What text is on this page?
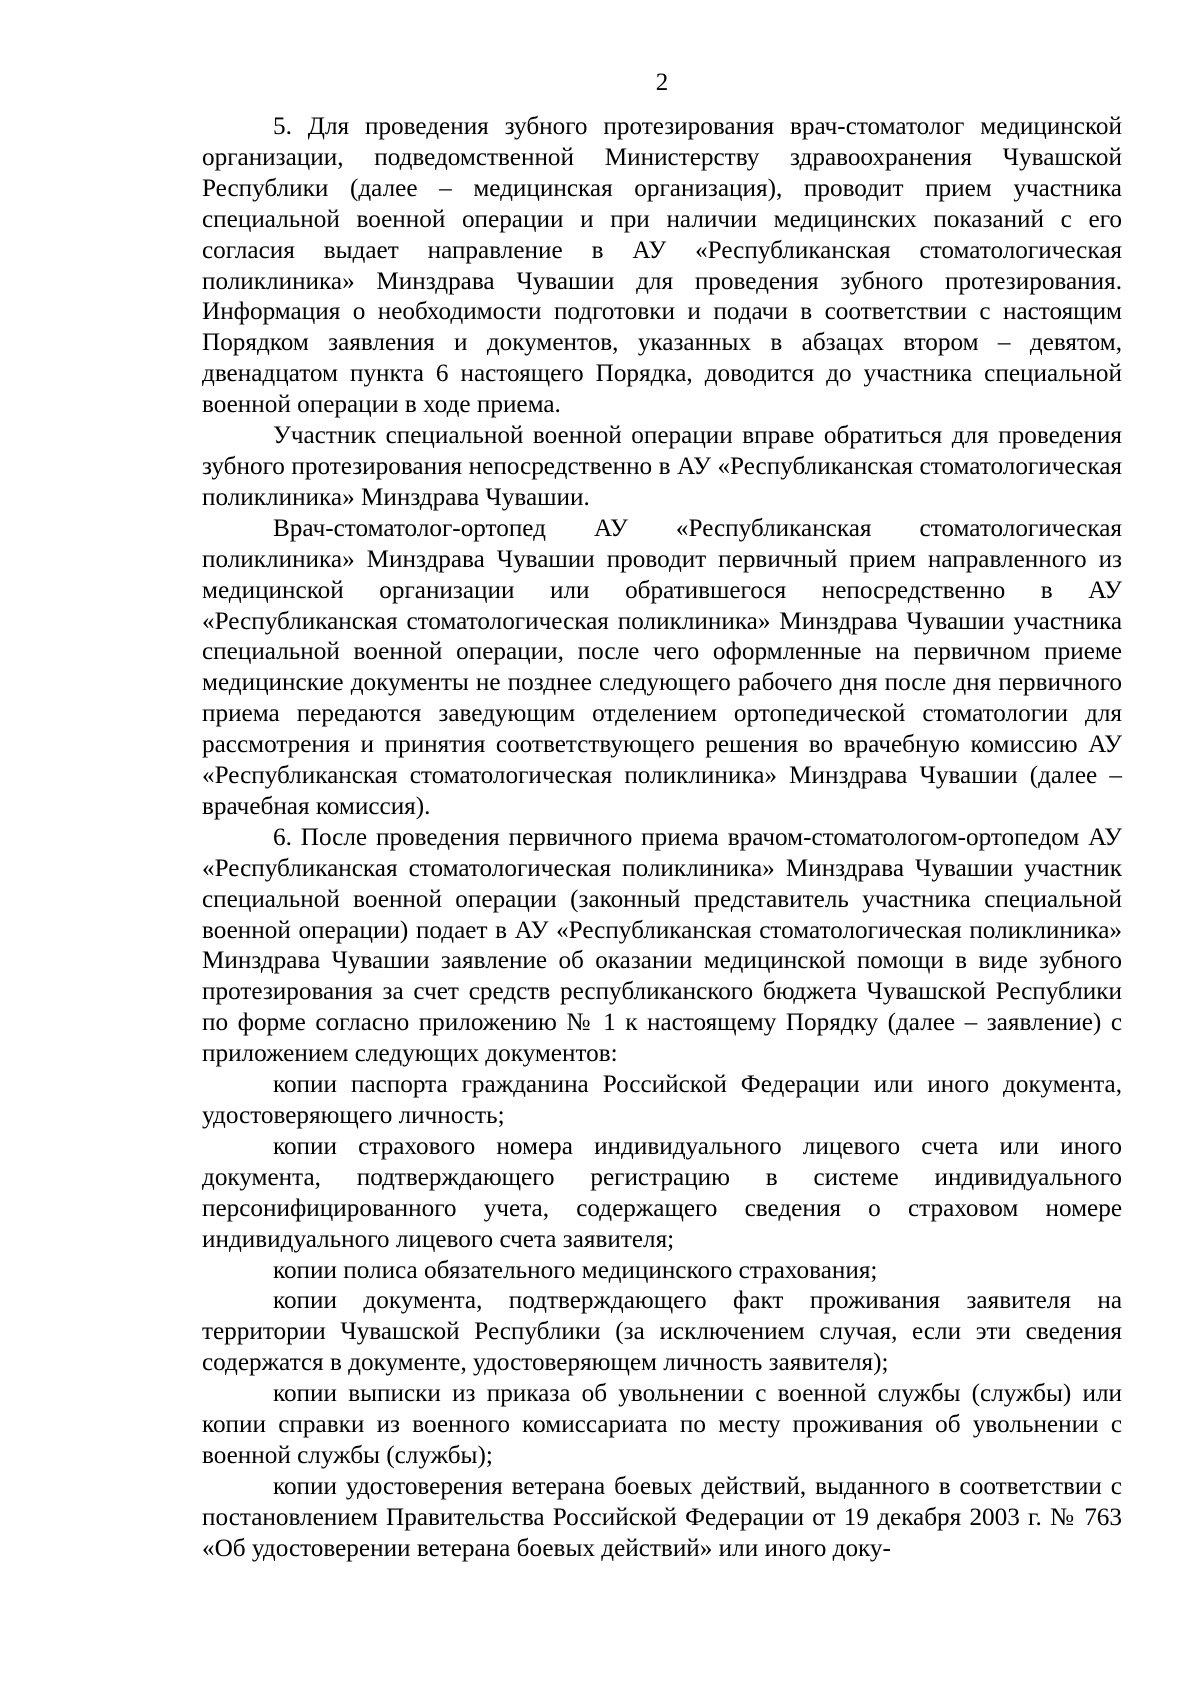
2

5. Для проведения зубного протезирования врач-стоматолог медицинской организации, подведомственной Министерству здравоохранения Чувашской Республики (далее – медицинская организация), проводит прием участника специальной военной операции и при наличии медицинских показаний с его согласия выдает направление в АУ «Республиканская стоматологическая поликлиника» Минздрава Чувашии для проведения зубного протезирования. Информация о необходимости подготовки и подачи в соответствии с настоящим Порядком заявления и документов, указанных в абзацах втором – девятом, двенадцатом пункта 6 настоящего Порядка, доводится до участника специальной военной операции в ходе приема.

Участник специальной военной операции вправе обратиться для проведения зубного протезирования непосредственно в АУ «Республиканская стоматологическая поликлиника» Минздрава Чувашии.

Врач-стоматолог-ортопед АУ «Республиканская стоматологическая поликлиника» Минздрава Чувашии проводит первичный прием направленного из медицинской организации или обратившегося непосредственно в АУ «Республиканская стоматологическая поликлиника» Минздрава Чувашии участника специальной военной операции, после чего оформленные на первичном приеме медицинские документы не позднее следующего рабочего дня после дня первичного приема передаются заведующим отделением ортопедической стоматологии для рассмотрения и принятия соответствующего решения во врачебную комиссию АУ «Республиканская стоматологическая поликлиника» Минздрава Чувашии (далее – врачебная комиссия).

6. После проведения первичного приема врачом-стоматологом-ортопедом АУ «Республиканская стоматологическая поликлиника» Минздрава Чувашии участник специальной военной операции (законный представитель участника специальной военной операции) подает в АУ «Республиканская стоматологическая поликлиника» Минздрава Чувашии заявление об оказании медицинской помощи в виде зубного протезирования за счет средств республиканского бюджета Чувашской Республики по форме согласно приложению № 1 к настоящему Порядку (далее – заявление) с приложением следующих документов:

копии паспорта гражданина Российской Федерации или иного документа, удостоверяющего личность;

копии страхового номера индивидуального лицевого счета или иного документа, подтверждающего регистрацию в системе индивидуального персонифицированного учета, содержащего сведения о страховом номере индивидуального лицевого счета заявителя;

копии полиса обязательного медицинского страхования;

копии документа, подтверждающего факт проживания заявителя на территории Чувашской Республики (за исключением случая, если эти сведения содержатся в документе, удостоверяющем личность заявителя);

копии выписки из приказа об увольнении с военной службы (службы) или копии справки из военного комиссариата по месту проживания об увольнении с военной службы (службы);

копии удостоверения ветерана боевых действий, выданного в соответствии с постановлением Правительства Российской Федерации от 19 декабря 2003 г. № 763 «Об удостоверении ветерана боевых действий» или иного доку-
